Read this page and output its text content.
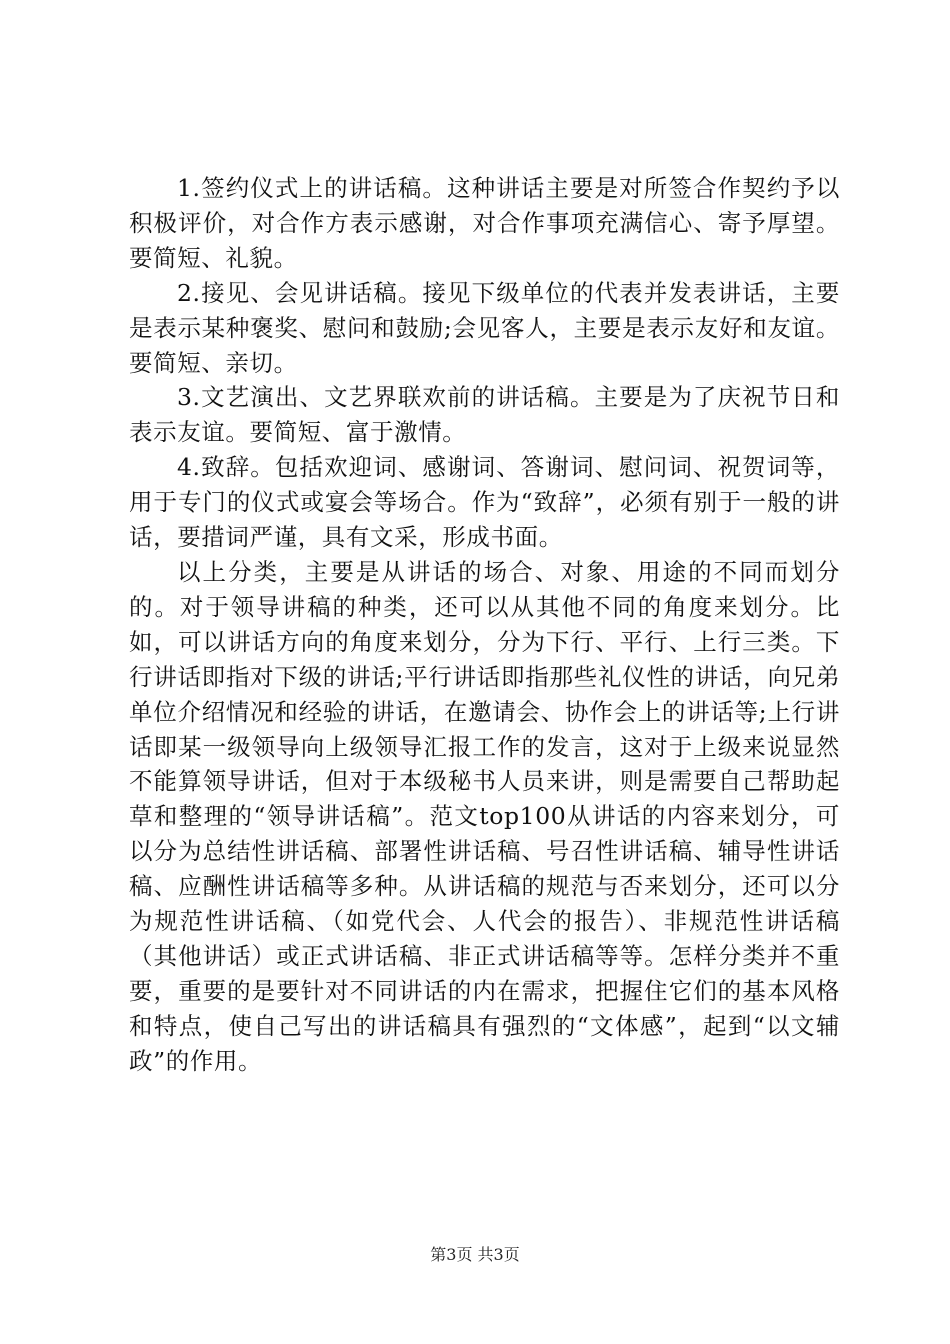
1.签约仪式上的讲话稿。这种讲话主要是对所签合作契约予以积极评价，对合作方表示感谢，对合作事项充满信心、寄予厚望。要简短、礼貌。

2.接见、会见讲话稿。接见下级单位的代表并发表讲话，主要是表示某种褒奖、慰问和鼓励;会见客人，主要是表示友好和友谊。要简短、亲切。

3.文艺演出、文艺界联欢前的讲话稿。主要是为了庆祝节日和表示友谊。要简短、富于激情。

4.致辞。包括欢迎词、感谢词、答谢词、慰问词、祝贺词等，用于专门的仪式或宴会等场合。作为“致辞”，必须有别于一般的讲话，要措词严谨，具有文采，形成书面。

以上分类，主要是从讲话的场合、对象、用途的不同而划分的。对于领导讲稿的种类，还可以从其他不同的角度来划分。比如，可以讲话方向的角度来划分，分为下行、平行、上行三类。下行讲话即指对下级的讲话;平行讲话即指那些礼仪性的讲话，向兄弟单位介绍情况和经验的讲话，在邀请会、协作会上的讲话等;上行讲话即某一级领导向上级领导汇报工作的发言，这对于上级来说显然不能算领导讲话，但对于本级秘书人员来讲，则是需要自己帮助起草和整理的“领导讲话稿”。范文top100从讲话的内容来划分，可以分为总结性讲话稿、部署性讲话稿、号召性讲话稿、辅导性讲话稿、应酬性讲话稿等多种。从讲话稿的规范与否来划分，还可以分为规范性讲话稿、（如党代会、人代会的报告）、非规范性讲话稿（其他讲话）或正式讲话稿、非正式讲话稿等等。怎样分类并不重要，重要的是要针对不同讲话的内在需求，把握住它们的基本风格和特点，使自己写出的讲话稿具有强烈的“文体感”，起到“以文辅政”的作用。

第3页 共3页
